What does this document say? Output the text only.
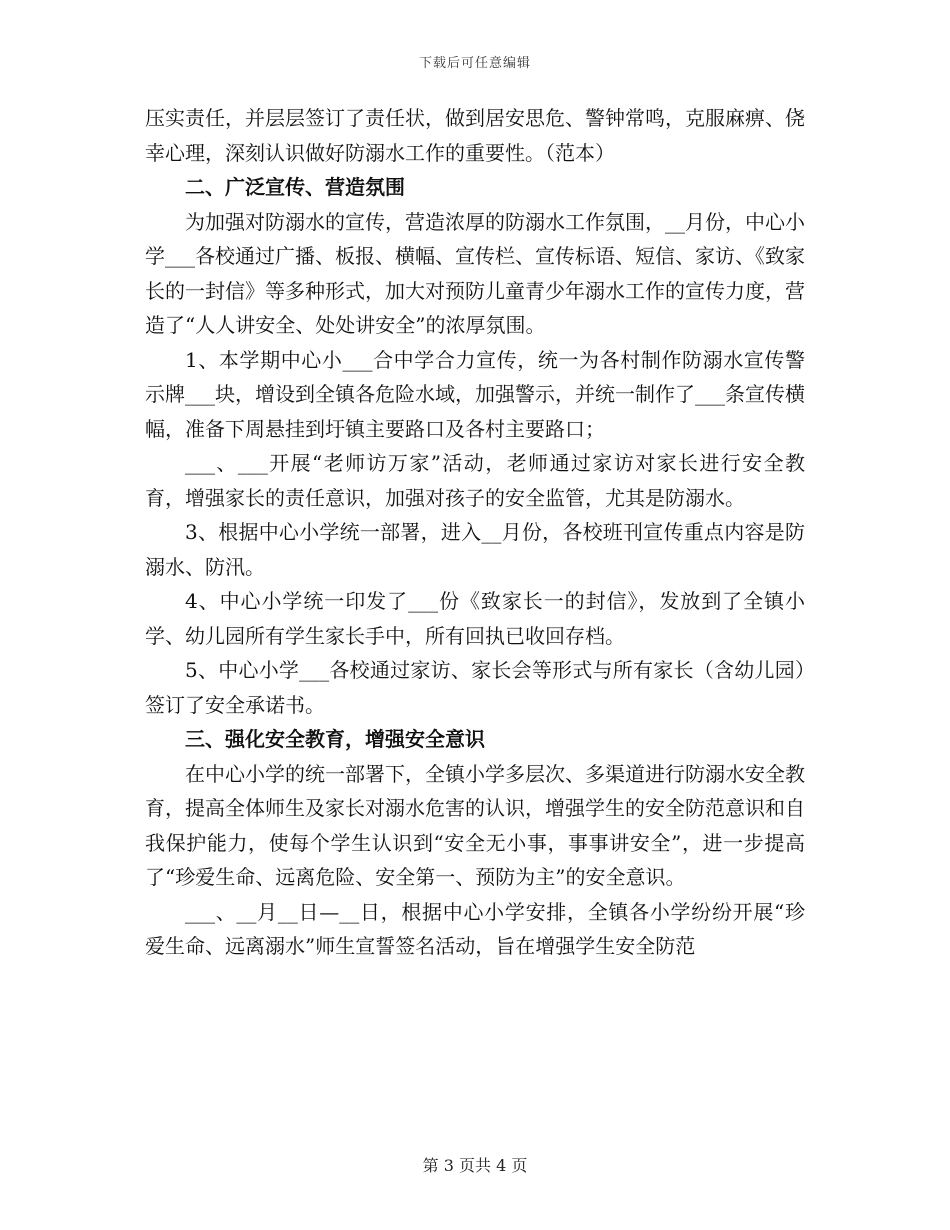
下载后可任意编辑

压实责任，并层层签订了责任状，做到居安思危、警钟常鸣，克服麻痹、侥幸心理，深刻认识做好防溺水工作的重要性。（范本）

二、广泛宣传、营造氛围

为加强对防溺水的宣传，营造浓厚的防溺水工作氛围，__月份，中心小学___各校通过广播、板报、横幅、宣传栏、宣传标语、短信、家访、《致家长的一封信》等多种形式，加大对预防儿童青少年溺水工作的宣传力度，营造了“人人讲安全、处处讲安全”的浓厚氛围。

1、本学期中心小___合中学合力宣传，统一为各村制作防溺水宣传警示牌___块，增设到全镇各危险水域，加强警示，并统一制作了___条宣传横幅，准备下周悬挂到圩镇主要路口及各村主要路口；

___、___开展“老师访万家”活动，老师通过家访对家长进行安全教育，增强家长的责任意识，加强对孩子的安全监管，尤其是防溺水。

3、根据中心小学统一部署，进入__月份，各校班刊宣传重点内容是防溺水、防汛。

4、中心小学统一印发了___份《致家长一的封信》，发放到了全镇小学、幼儿园所有学生家长手中，所有回执已收回存档。

5、中心小学___各校通过家访、家长会等形式与所有家长（含幼儿园）签订了安全承诺书。

三、强化安全教育，增强安全意识

在中心小学的统一部署下，全镇小学多层次、多渠道进行防溺水安全教育，提高全体师生及家长对溺水危害的认识，增强学生的安全防范意识和自我保护能力，使每个学生认识到“安全无小事，事事讲安全”，进一步提高了“珍爱生命、远离危险、安全第一、预防为主”的安全意识。

___、__月__日—__日，根据中心小学安排，全镇各小学纷纷开展“珍爱生命、远离溺水”师生宣誓签名活动，旨在增强学生安全防范

第 3 页共 4 页
